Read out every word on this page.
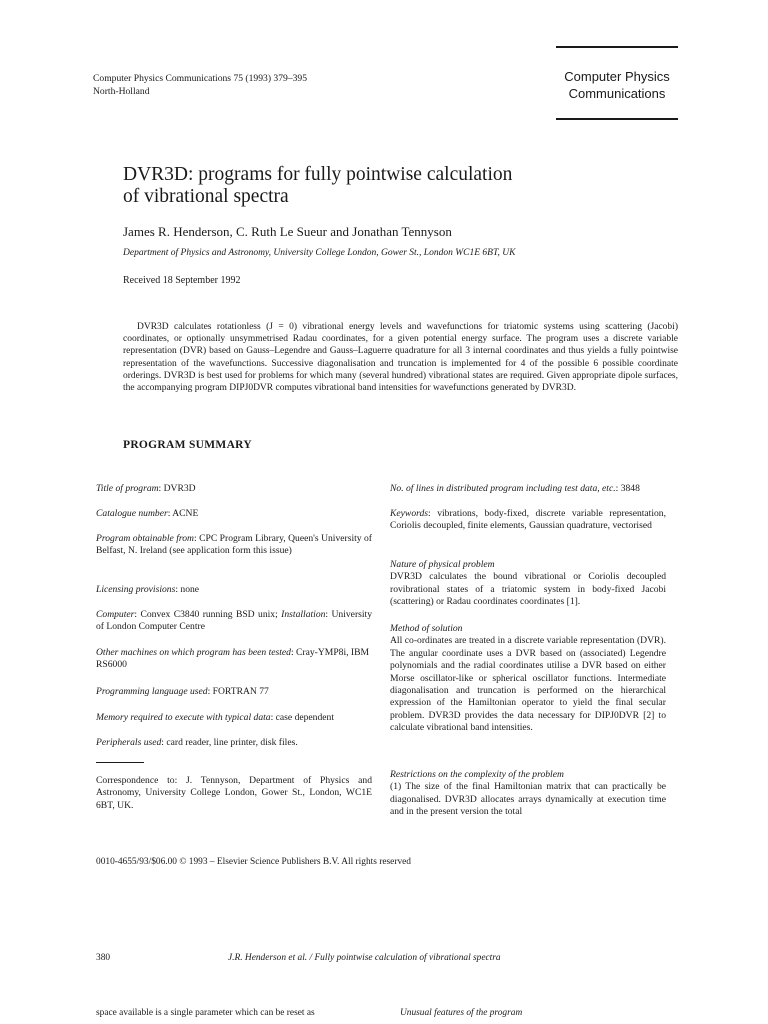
Computer Physics Communications 75 (1993) 379–395
North-Holland
Computer Physics
Communications
DVR3D: programs for fully pointwise calculation
of vibrational spectra
James R. Henderson, C. Ruth Le Sueur and Jonathan Tennyson
Department of Physics and Astronomy, University College London, Gower St., London WC1E 6BT, UK
Received 18 September 1992
DVR3D calculates rotationless (J = 0) vibrational energy levels and wavefunctions for triatomic systems using scattering (Jacobi) coordinates, or optionally unsymmetrised Radau coordinates, for a given potential energy surface. The program uses a discrete variable representation (DVR) based on Gauss–Legendre and Gauss–Laguerre quadrature for all 3 internal coordinates and thus yields a fully pointwise representation of the wavefunctions. Successive diagonalisation and truncation is implemented for 4 of the possible 6 possible coordinate orderings. DVR3D is best used for problems for which many (several hundred) vibrational states are required. Given appropriate dipole surfaces, the accompanying program DIPJ0DVR computes vibrational band intensities for wavefunctions generated by DVR3D.
PROGRAM SUMMARY

Title of program: DVR3D

Catalogue number: ACNE

Program obtainable from: CPC Program Library, Queen's University of Belfast, N. Ireland (see application form this issue)

Licensing provisions: none

Computer: Convex C3840 running BSD unix; Installation: University of London Computer Centre

Other machines on which program has been tested: Cray-YMP8i, IBM RS6000

Programming language used: FORTRAN 77

Memory required to execute with typical data: case dependent

Peripherals used: card reader, line printer, disk files.

Correspondence to: J. Tennyson, Department of Physics and Astronomy, University College London, Gower St., London, WC1E 6BT, UK.

No. of lines in distributed program including test data, etc.: 3848

Keywords: vibrations, body-fixed, discrete variable representation, Coriolis decoupled, finite elements, Gaussian quadrature, vectorised

Nature of physical problem

DVR3D calculates the bound vibrational or Coriolis decoupled rovibrational states of a triatomic system in body-fixed Jacobi (scattering) or Radau coordinates coordinates [1].

Method of solution

All co-ordinates are treated in a discrete variable representation (DVR). The angular coordinate uses a DVR based on (associated) Legendre polynomials and the radial coordinates utilise a DVR based on either Morse oscillator-like or spherical oscillator functions. Intermediate diagonalisation and truncation is performed on the hierarchical expression of the Hamiltonian operator to yield the final secular problem. DVR3D provides the data necessary for DIPJ0DVR [2] to calculate vibrational band intensities.

Restrictions on the complexity of the problem

(1) The size of the final Hamiltonian matrix that can practically be diagonalised. DVR3D allocates arrays dynamically at execution time and in the present version the total

0010-4655/93/$06.00 © 1993 – Elsevier Science Publishers B.V. All rights reserved
380	J.R. Henderson et al. / Fully pointwise calculation of vibrational spectra
space available is a single parameter which can be reset as	Unusual features of the program
